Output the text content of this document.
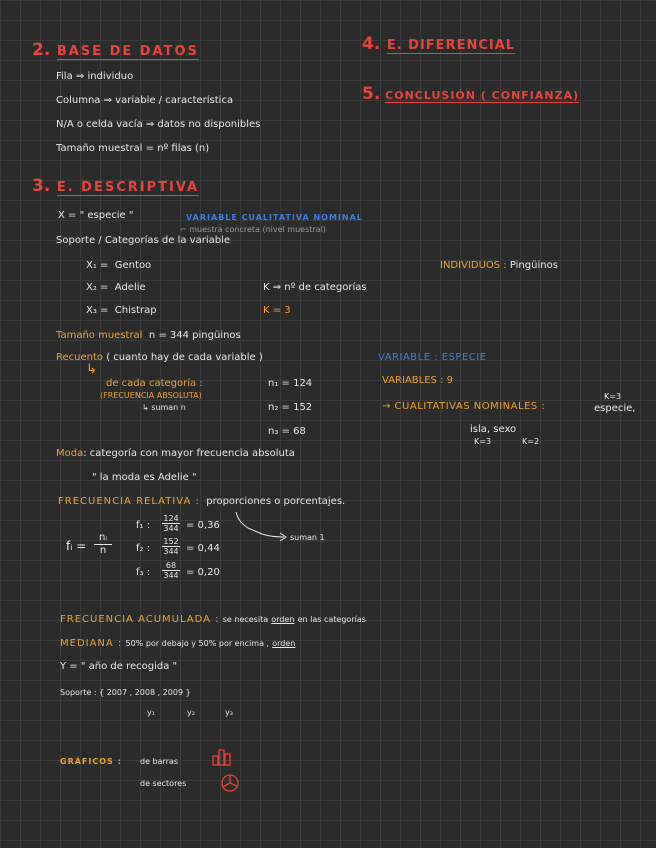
2. BASE DE DATOS
Fila ⇒ individuo
Columna ⇒ variable / característica
N/A o celda vacía ⇒ datos no disponibles
Tamaño muestral = nº filas (n)
4. E. DIFERENCIAL
5. CONCLUSIÓN ( CONFIANZA)
3. E. DESCRIPTIVA
X = " especie "	VARIABLE CUALITATIVA NOMINAL
⌐ muestra concreta (nivel muestral)
Soporte / Categorías de la variable
X₁ = Gentoo
X₂ = Adelie
X₃ = Chistrap
K ⇒ nº de categorías
K = 3
INDIVIDUOS : Pingüinos
Tamaño muestral n = 344 pingüinos
Recuento ( cuanto hay de cada variable )
↳
de cada categoría :
(FRECUENCIA ABSOLUTA)
↳ suman n
n₁ = 124
n₂ = 152
n₃ = 68
VARIABLE : ESPECIE
VARIABLES : 9
→ CUALITATIVAS NOMINALES :
K=3
especie,
isla, sexo
K=3	K=2
Moda: categoría con mayor frecuencia absoluta
" la moda es Adelie "
FRECUENCIA RELATIVA : proporciones o porcentajes.
fᵢ = $\frac{\text{nᵢ}}{n}$
f₁ : $\frac{124}{344} = 0,36$
f₂ : $\frac{152}{344} = 0,44$
f₃ : $\frac{68}{344} = 0,20$
suman 1
FRECUENCIA ACUMULADA : se necesita orden en las categorías
MEDIANA : 50% por debajo y 50% por encima , orden
Y = " año de recogida "
Soporte : { 2007 , 2008 , 2009 }
y₁	y₂	y₃
GRÁFICOS : de barras
de sectores
